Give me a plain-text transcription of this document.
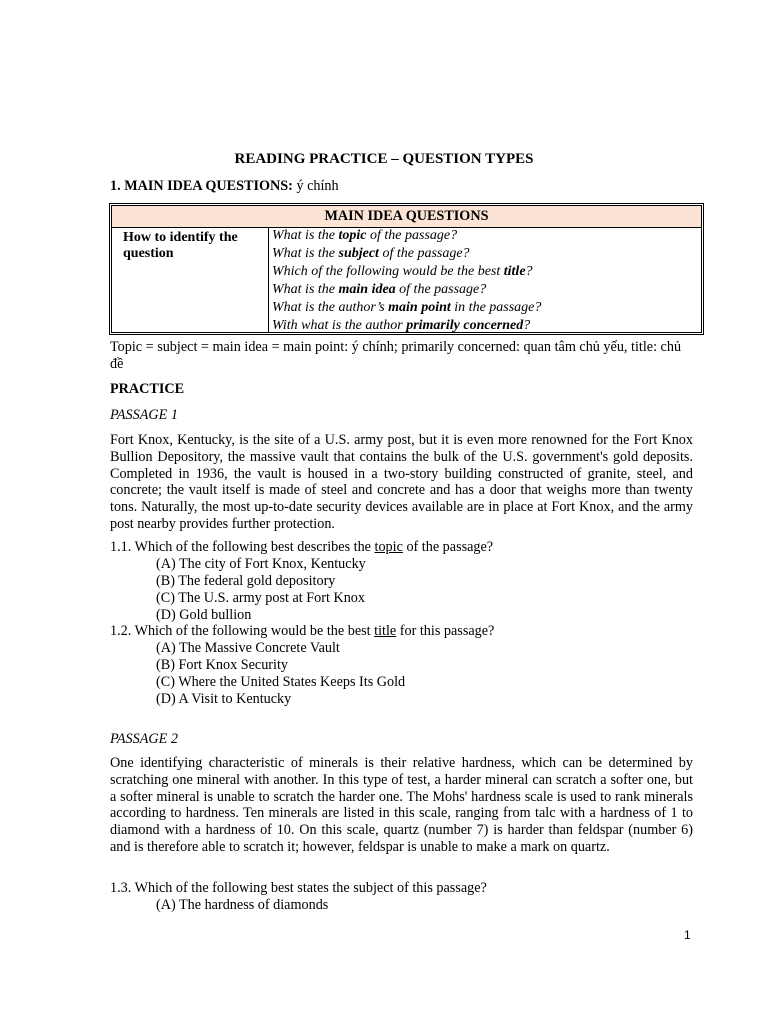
READING PRACTICE – QUESTION TYPES
1. MAIN IDEA QUESTIONS: ý chính
MAIN IDEA QUESTIONS
How to identify the question
What is the topic of the passage?
What is the subject of the passage?
Which of the following would be the best title?
What is the main idea of the passage?
What is the author’s main point in the passage?
With what is the author primarily concerned?
Topic = subject = main idea = main point: ý chính; primarily concerned: quan tâm chủ yếu, title: chủ đề
PRACTICE
PASSAGE 1
Fort Knox, Kentucky, is the site of a U.S. army post, but it is even more renowned for the Fort Knox Bullion Depository, the massive vault that contains the bulk of the U.S. government's gold deposits. Completed in 1936, the vault is housed in a two-story building constructed of granite, steel, and concrete; the vault itself is made of steel and concrete and has a door that weighs more than twenty tons. Naturally, the most up-to-date security devices available are in place at Fort Knox, and the army post nearby provides further protection.
1.1. Which of the following best describes the topic of the passage?
(A) The city of Fort Knox, Kentucky
(B) The federal gold depository
(C) The U.S. army post at Fort Knox
(D) Gold bullion
1.2. Which of the following would be the best title for this passage?
(A) The Massive Concrete Vault
(B) Fort Knox Security
(C) Where the United States Keeps Its Gold
(D) A Visit to Kentucky
PASSAGE 2
One identifying characteristic of minerals is their relative hardness, which can be determined by scratching one mineral with another. In this type of test, a harder mineral can scratch a softer one, but a softer mineral is unable to scratch the harder one. The Mohs' hardness scale is used to rank minerals according to hardness. Ten minerals are listed in this scale, ranging from talc with a hardness of 1 to diamond with a hardness of 10. On this scale, quartz (number 7) is harder than feldspar (number 6) and is therefore able to scratch it; however, feldspar is unable to make a mark on quartz.
1.3. Which of the following best states the subject of this passage?
(A) The hardness of diamonds
1
